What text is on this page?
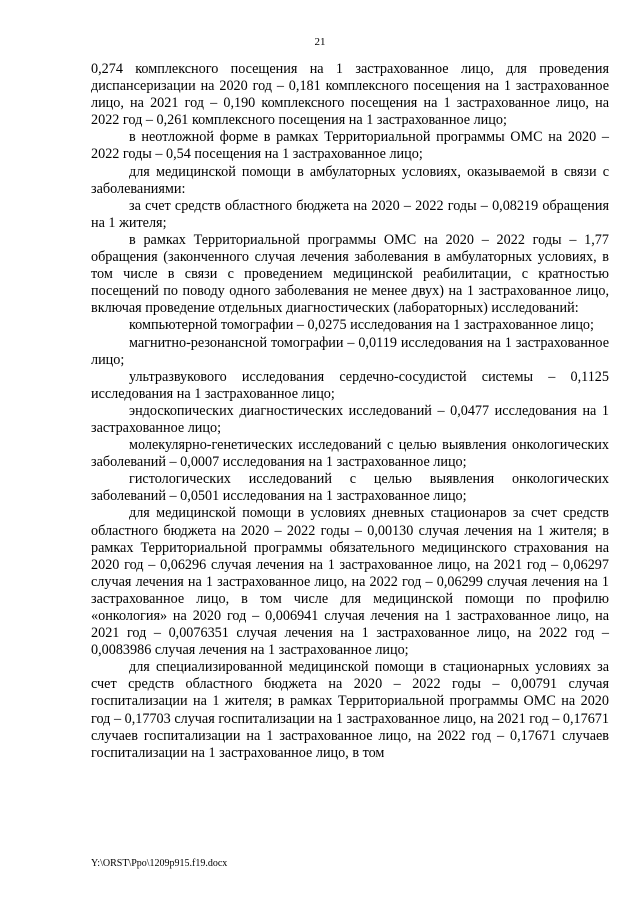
21

0,274 комплексного посещения на 1 застрахованное лицо, для проведения диспансеризации на 2020 год – 0,181 комплексного посещения на 1 застрахованное лицо, на 2021 год – 0,190 комплексного посещения на 1 застрахованное лицо, на 2022 год – 0,261 комплексного посещения на 1 застрахованное лицо;

в неотложной форме в рамках Территориальной программы ОМС на 2020 – 2022 годы – 0,54 посещения на 1 застрахованное лицо;

для медицинской помощи в амбулаторных условиях, оказываемой в связи с заболеваниями:

за счет средств областного бюджета на 2020 – 2022 годы – 0,08219 обращения на 1 жителя;

в рамках Территориальной программы ОМС на 2020 – 2022 годы – 1,77 обращения (законченного случая лечения заболевания в амбулаторных условиях, в том числе в связи с проведением медицинской реабилитации, с кратностью посещений по поводу одного заболевания не менее двух) на 1 застрахованное лицо, включая проведение отдельных диагностических (лабораторных) исследований:

компьютерной томографии – 0,0275 исследования на 1 застрахованное лицо;

магнитно-резонансной томографии – 0,0119 исследования на 1 застрахованное лицо;

ультразвукового исследования сердечно-сосудистой системы – 0,1125 исследования на 1 застрахованное лицо;

эндоскопических диагностических исследований – 0,0477 исследования на 1 застрахованное лицо;

молекулярно-генетических исследований с целью выявления онкологических заболеваний – 0,0007 исследования на 1 застрахованное лицо;

гистологических исследований с целью выявления онкологических заболеваний – 0,0501 исследования на 1 застрахованное лицо;

для медицинской помощи в условиях дневных стационаров за счет средств областного бюджета на 2020 – 2022 годы – 0,00130 случая лечения на 1 жителя; в рамках Территориальной программы обязательного медицинского страхования на 2020 год – 0,06296 случая лечения на 1 застрахованное лицо, на 2021 год – 0,06297 случая лечения на 1 застрахованное лицо, на 2022 год – 0,06299 случая лечения на 1 застрахованное лицо, в том числе для медицинской помощи по профилю «онкология» на 2020 год – 0,006941 случая лечения на 1 застрахованное лицо, на 2021 год – 0,0076351 случая лечения на 1 застрахованное лицо, на 2022 год – 0,0083986 случая лечения на 1 застрахованное лицо;

для специализированной медицинской помощи в стационарных условиях за счет средств областного бюджета на 2020 – 2022 годы – 0,00791 случая госпитализации на 1 жителя; в рамках Территориальной программы ОМС на 2020 год – 0,17703 случая госпитализации на 1 застрахованное лицо, на 2021 год – 0,17671 случаев госпитализации на 1 застрахованное лицо, на 2022 год – 0,17671 случаев госпитализации на 1 застрахованное лицо, в том

Y:\ORST\Ppo\1209p915.f19.docx
